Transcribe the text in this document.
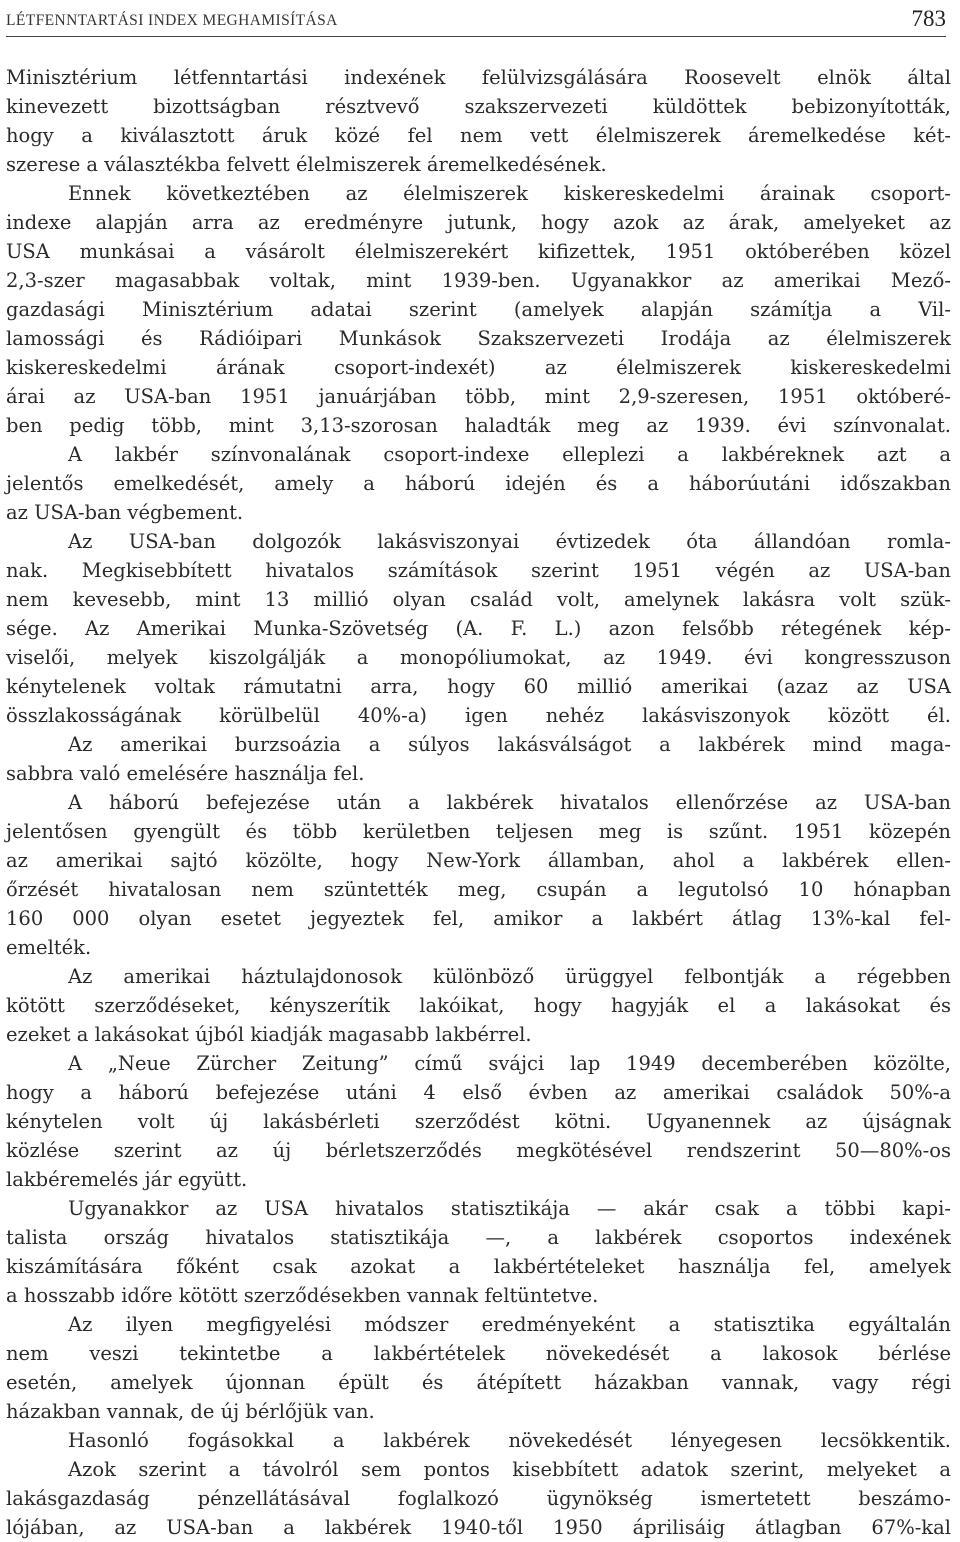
LÉTFENNTARTÁSI INDEX MEGHAMISÍTÁSA	783
Minisztérium létfenntartási indexének felülvizsgálására Roosevelt elnök által
kinevezett bizottságban résztvevő szakszervezeti küldöttek bebizonyították,
hogy a kiválasztott áruk közé fel nem vett élelmiszerek áremelkedése két-
szerese a választékba felvett élelmiszerek áremelkedésének.
Ennek következtében az élelmiszerek kiskereskedelmi árainak csoport-
indexe alapján arra az eredményre jutunk, hogy azok az árak, amelyeket az
USA munkásai a vásárolt élelmiszerekért kifizettek, 1951 októberében közel
2,3-szer magasabbak voltak, mint 1939-ben. Ugyanakkor az amerikai Mező-
gazdasági Minisztérium adatai szerint (amelyek alapján számítja a Vil-
lamossági és Rádióipari Munkások Szakszervezeti Irodája az élelmiszerek
kiskereskedelmi árának csoport-indexét) az élelmiszerek kiskereskedelmi
árai az USA-ban 1951 januárjában több, mint 2,9-szeresen, 1951 októberé-
ben pedig több, mint 3,13-szorosan haladták meg az 1939. évi színvonalat.
A lakbér színvonalának csoport-indexe elleplezi a lakbéreknek azt a
jelentős emelkedését, amely a háború idején és a háborúutáni időszakban
az USA-ban végbement.
Az USA-ban dolgozók lakásviszonyai évtizedek óta állandóan romla-
nak. Megkisebbített hivatalos számítások szerint 1951 végén az USA-ban
nem kevesebb, mint 13 millió olyan család volt, amelynek lakásra volt szük-
sége. Az Amerikai Munka-Szövetség (A. F. L.) azon felsőbb rétegének kép-
viselői, melyek kiszolgálják a monopóliumokat, az 1949. évi kongresszuson
kénytelenek voltak rámutatni arra, hogy 60 millió amerikai (azaz az USA
összlakosságának körülbelül 40%-a) igen nehéz lakásviszonyok között él.
Az amerikai burzsoázia a súlyos lakásválságot a lakbérek mind maga-
sabbra való emelésére használja fel.
A háború befejezése után a lakbérek hivatalos ellenőrzése az USA-ban
jelentősen gyengült és több kerületben teljesen meg is szűnt. 1951 közepén
az amerikai sajtó közölte, hogy New-York államban, ahol a lakbérek ellen-
őrzését hivatalosan nem szüntették meg, csupán a legutolsó 10 hónapban
160 000 olyan esetet jegyeztek fel, amikor a lakbért átlag 13%-kal fel-
emelték.
Az amerikai háztulajdonosok különböző ürüggyel felbontják a régebben
kötött szerződéseket, kényszerítik lakóikat, hogy hagyják el a lakásokat és
ezeket a lakásokat újból kiadják magasabb lakbérrel.
A „Neue Zürcher Zeitung” című svájci lap 1949 decemberében közölte,
hogy a háború befejezése utáni 4 első évben az amerikai családok 50%-a
kénytelen volt új lakásbérleti szerződést kötni. Ugyanennek az újságnak
közlése szerint az új bérletszerződés megkötésével rendszerint 50—80%-os
lakbéremelés jár együtt.
Ugyanakkor az USA hivatalos statisztikája — akár csak a többi kapi-
talista ország hivatalos statisztikája —, a lakbérek csoportos indexének
kiszámítására főként csak azokat a lakbértételeket használja fel, amelyek
a hosszabb időre kötött szerződésekben vannak feltüntetve.
Az ilyen megfigyelési módszer eredményeként a statisztika egyáltalán
nem veszi tekintetbe a lakbértételek növekedését a lakosok bérlése
esetén, amelyek újonnan épült és átépített házakban vannak, vagy régi
házakban vannak, de új bérlőjük van.
Hasonló fogásokkal a lakbérek növekedését lényegesen lecsökkentik.
Azok szerint a távolról sem pontos kisebbített adatok szerint, melyeket a
lakásgazdaság pénzellátásával foglalkozó ügynökség ismertetett beszámo-
lójában, az USA-ban a lakbérek 1940-től 1950 áprilisáig átlagban 67%-kal
